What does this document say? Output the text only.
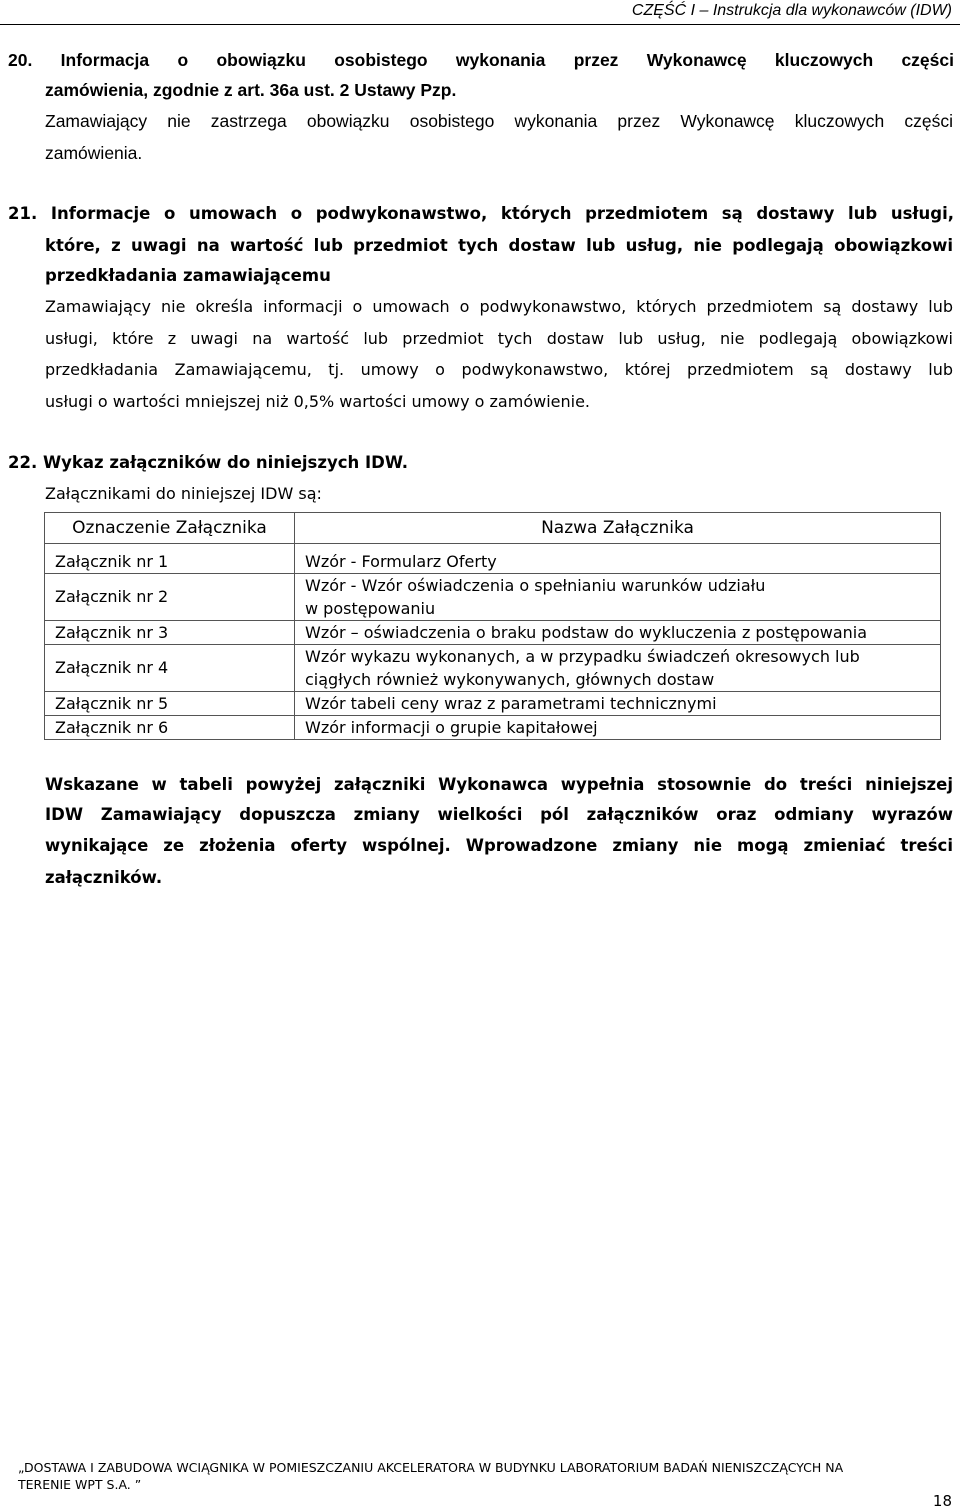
CZĘŚĆ I – Instrukcja dla wykonawców (IDW)
20. Informacja o obowiązku osobistego wykonania przez Wykonawcę kluczowych części
zamówienia, zgodnie z art. 36a ust. 2 Ustawy Pzp.
Zamawiający nie zastrzega obowiązku osobistego wykonania przez Wykonawcę kluczowych części
zamówienia.
21. Informacje o umowach o podwykonawstwo, których przedmiotem są dostawy lub usługi,
które, z uwagi na wartość lub przedmiot tych dostaw lub usług, nie podlegają obowiązkowi
przedkładania zamawiającemu
Zamawiający nie określa informacji o umowach o podwykonawstwo, których przedmiotem są dostawy lub
usługi, które z uwagi na wartość lub przedmiot tych dostaw lub usług, nie podlegają obowiązkowi
przedkładania Zamawiającemu, tj. umowy o podwykonawstwo, której przedmiotem są dostawy lub
usługi o wartości mniejszej niż 0,5% wartości umowy o zamówienie.
22. Wykaz załączników do niniejszych IDW.
Załącznikami do niniejszej IDW są:
Oznaczenie Załącznika	Nazwa Załącznika

Załącznik nr 1	Wzór - Formularz Oferty

Załącznik nr 2	Wzór - Wzór oświadczenia o spełnianiu warunków udziału
w postępowaniu

Załącznik nr 3	Wzór – oświadczenia o braku podstaw do wykluczenia z postępowania

Załącznik nr 4	Wzór wykazu wykonanych, a w przypadku świadczeń okresowych lub
ciągłych również wykonywanych, głównych dostaw

Załącznik nr 5	Wzór tabeli ceny wraz z parametrami technicznymi

Załącznik nr 6	Wzór informacji o grupie kapitałowej
Wskazane w tabeli powyżej załączniki Wykonawca wypełnia stosownie do treści niniejszej
IDW Zamawiający dopuszcza zmiany wielkości pól załączników oraz odmiany wyrazów
wynikające ze złożenia oferty wspólnej. Wprowadzone zmiany nie mogą zmieniać treści
załączników.
„DOSTAWA I ZABUDOWA WCIĄGNIKA W POMIESZCZANIU AKCELERATORA W BUDYNKU LABORATORIUM BADAŃ NIENISZCZĄCYCH NA
TERENIE WPT S.A. ”
18
